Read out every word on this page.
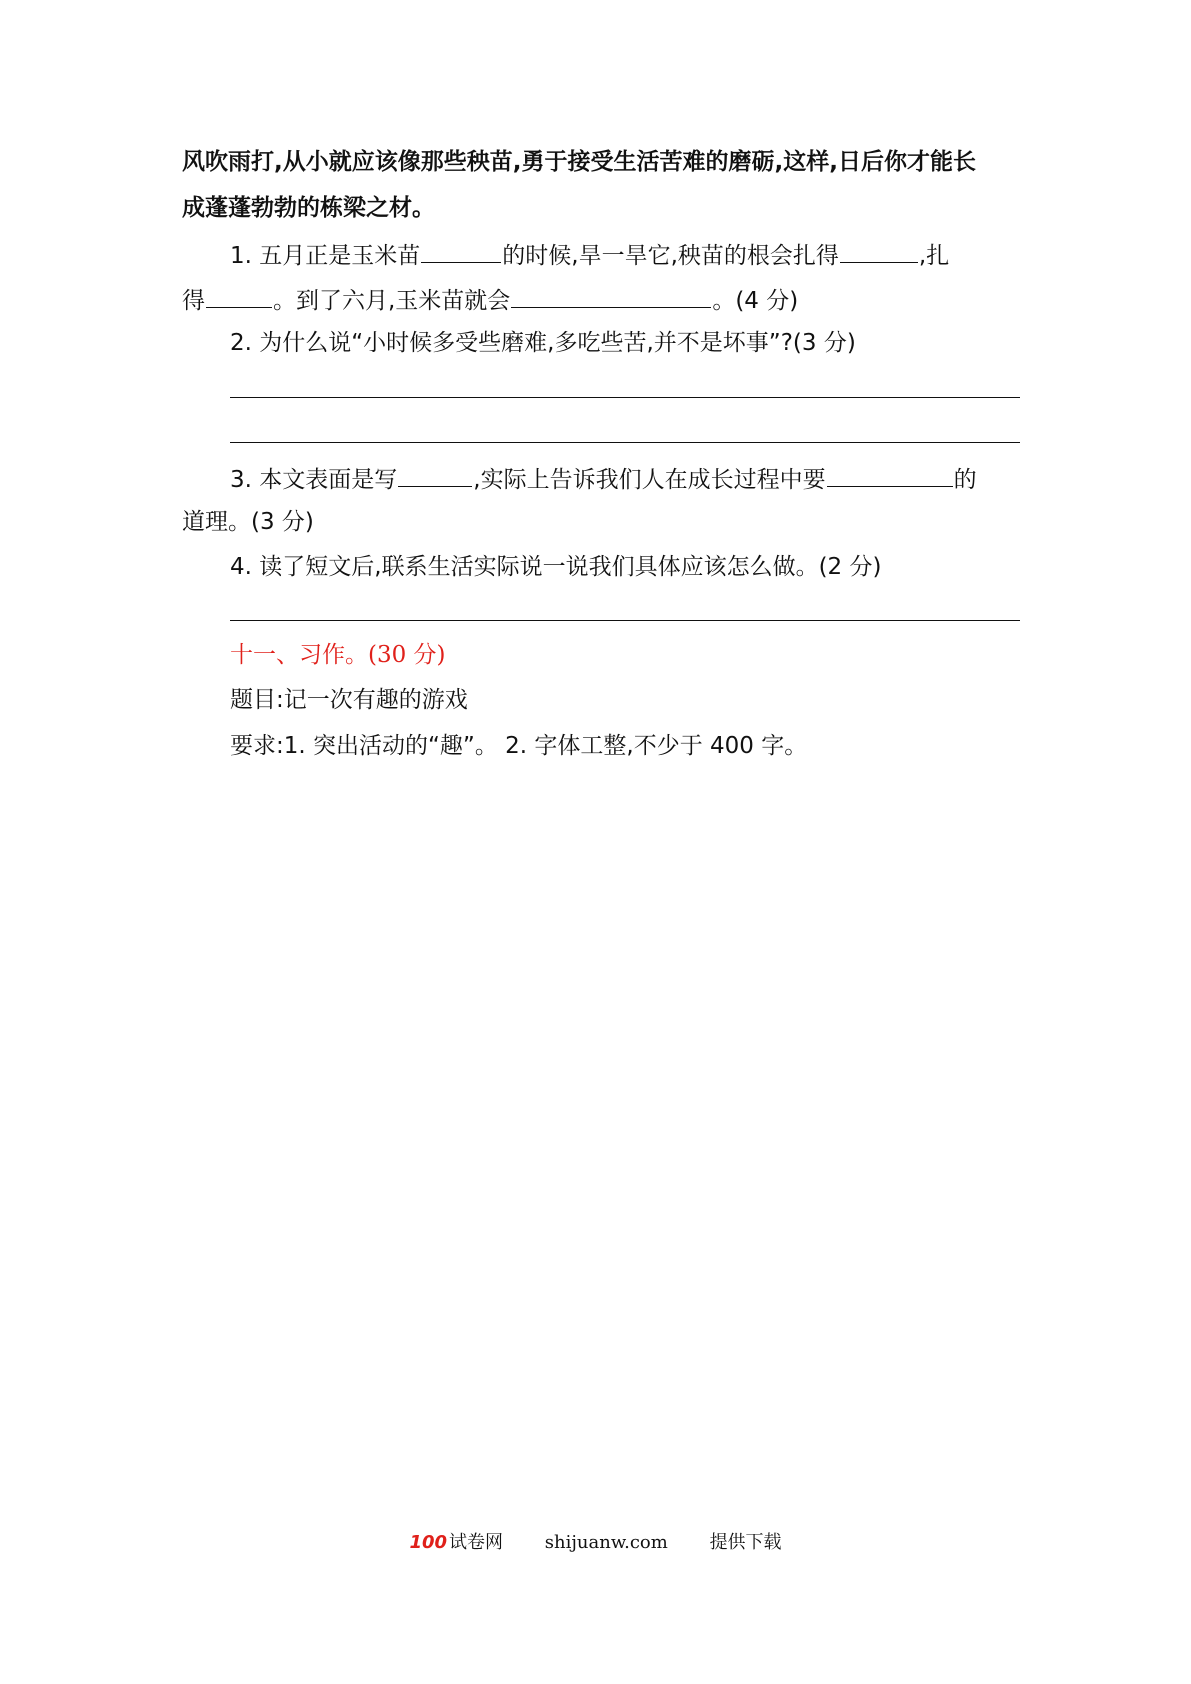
风吹雨打,从小就应该像那些秧苗,勇于接受生活苦难的磨砺,这样,日后你才能长
成蓬蓬勃勃的栋梁之材。
1. 五月正是玉米苗	的时候,旱一旱它,秧苗的根会扎得	,扎
得	。到了六月,玉米苗就会	。(4 分)
2. 为什么说“小时候多受些磨难,多吃些苦,并不是坏事”?(3 分)
3. 本文表面是写	,实际上告诉我们人在成长过程中要	的
道理。(3 分)
4. 读了短文后,联系生活实际说一说我们具体应该怎么做。(2 分)
十一、习作。(30 分)
题目:记一次有趣的游戏
要求:1. 突出活动的“趣”。 2. 字体工整,不少于 400 字。
100 试卷网 shijuanw.com 提供下载
